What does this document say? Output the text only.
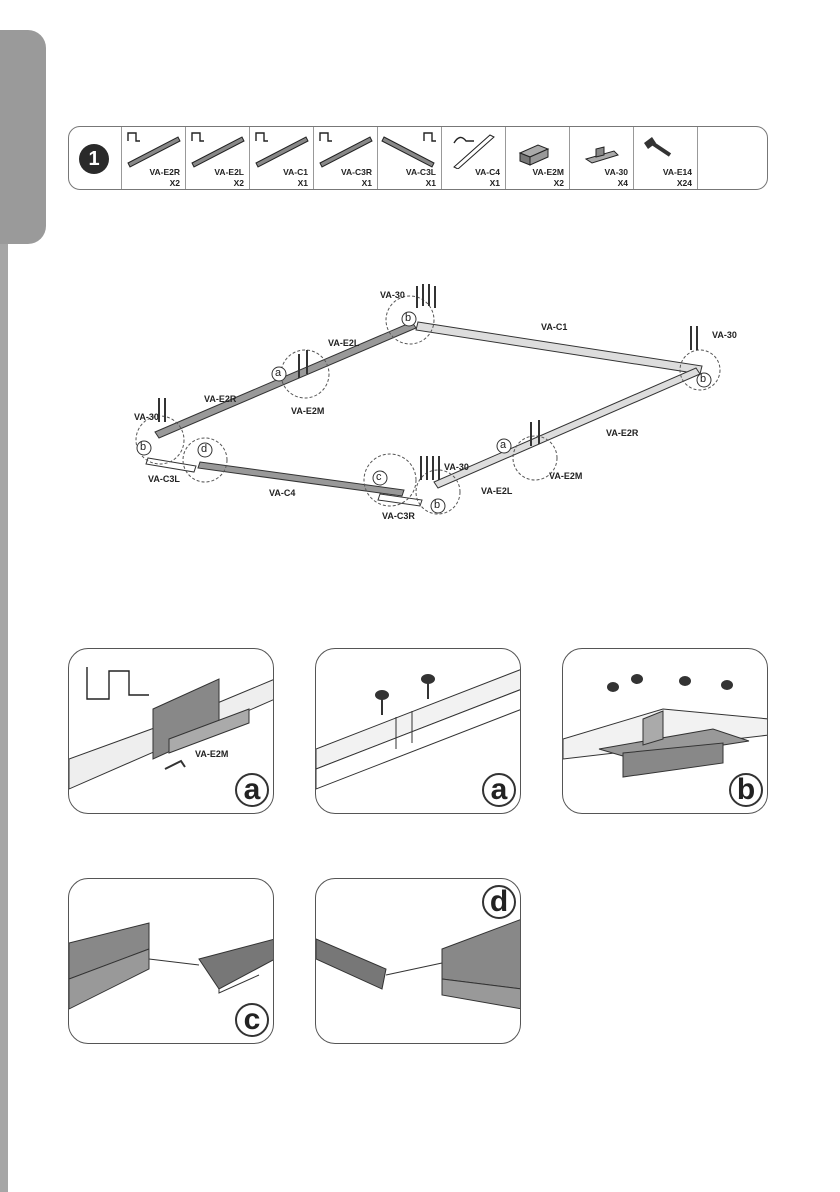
1
VA-E2R
X2
VA-E2L
X2
VA-C1
X1
VA-C3R
X1
VA-C3L
X1
VA-C4
X1
VA-E2M
X2
VA-30
X4
VA-E14
X24
VA-30
VA-30
VA-30
VA-30
VA-C1
VA-E2L
VA-E2R
VA-E2M
VA-E2R
VA-E2M
VA-E2L
VA-C3L
VA-C4
VA-C3R
b
b
b
b
a
a
c
d
VA-E2M
a	a	b
c
d
